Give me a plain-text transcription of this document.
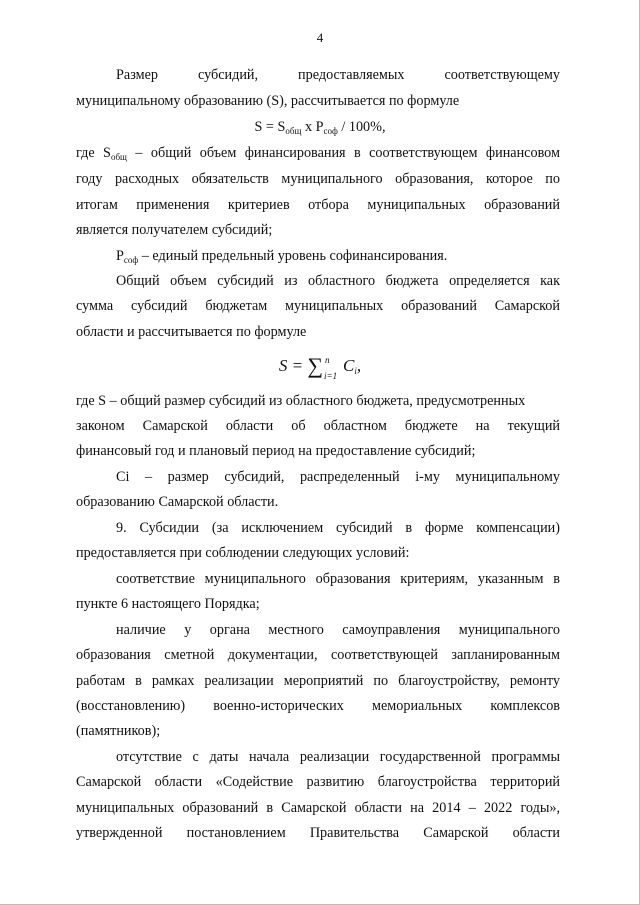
4
Размер субсидий, предоставляемых соответствующему
муниципальному образованию (S), рассчитывается по формуле
$S = S_{общ}$ x $P_{соф} / 100\%$,
где $S_{общ}$ – общий объем финансирования в соответствующем финансовом
году расходных обязательств муниципального образования, которое по
итогам применения критериев отбора муниципальных образований
является получателем субсидий;
$P_{соф}$ – единый предельный уровень софинансирования.
Общий объем субсидий из областного бюджета определяется как
сумма субсидий бюджетам муниципальных образований Самарской
области и рассчитывается по формуле
S = ∑ n
i=1
$C_i$,
где S – общий размер субсидий из областного бюджета, предусмотренных
законом Самарской области об областном бюджете на текущий
финансовый год и плановый период на предоставление субсидий;
Ci – размер субсидий, распределенный i-му муниципальному
образованию Самарской области.
9. Субсидии (за исключением субсидий в форме компенсации)
предоставляется при соблюдении следующих условий:
соответствие муниципального образования критериям, указанным в
пункте 6 настоящего Порядка;
наличие у органа местного самоуправления муниципального
образования сметной документации, соответствующей запланированным
работам в рамках реализации мероприятий по благоустройству, ремонту
(восстановлению) военно-исторических мемориальных комплексов
(памятников);
отсутствие с даты начала реализации государственной программы
Самарской области «Содействие развитию благоустройства территорий
муниципальных образований в Самарской области на 2014 – 2022 годы»,
утвержденной постановлением Правительства Самарской области
